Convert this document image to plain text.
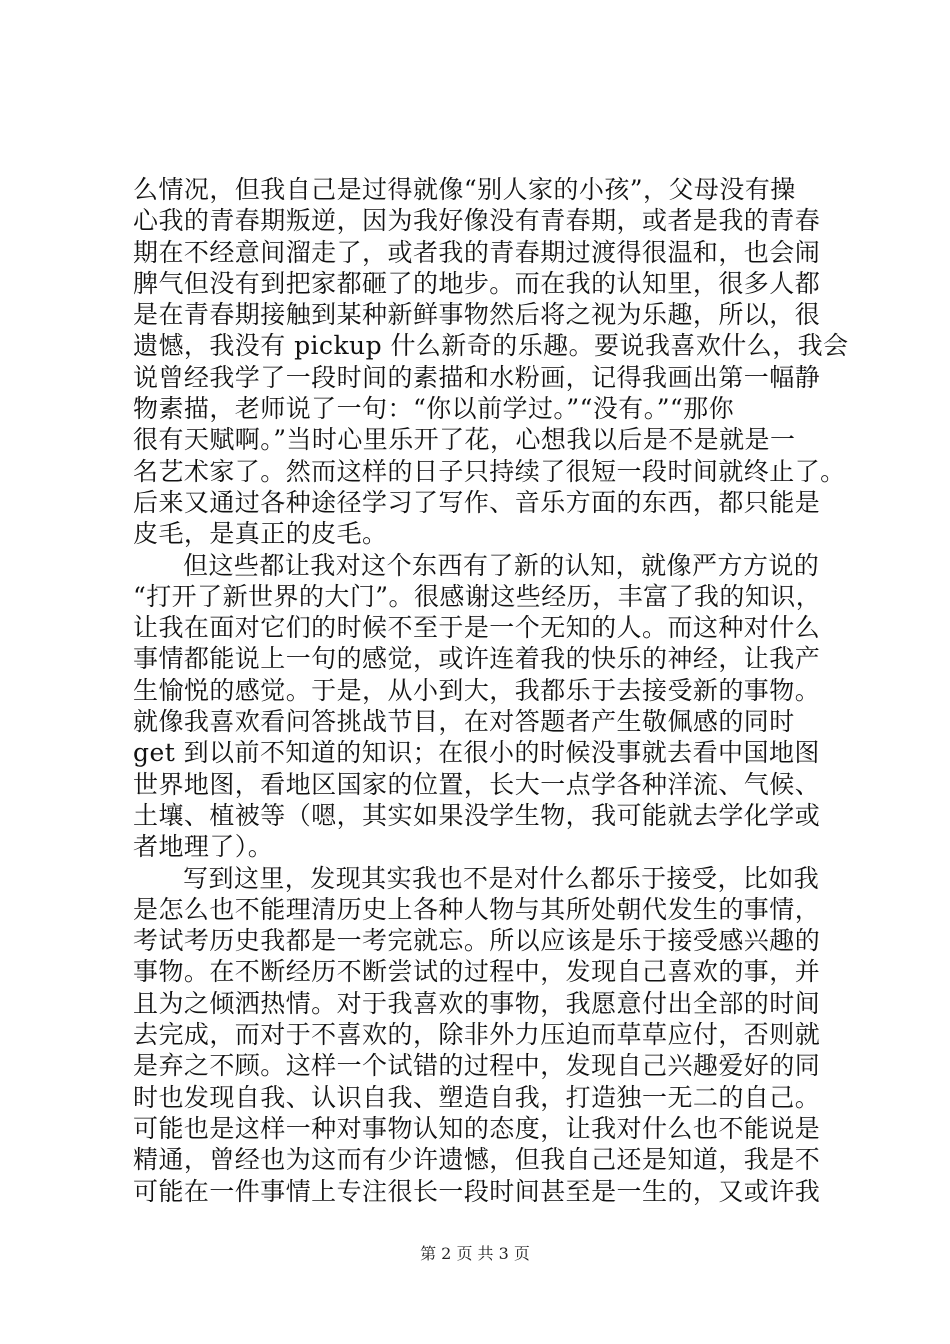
么情况，但我自己是过得就像“别人家的小孩”，父母没有操
心我的青春期叛逆，因为我好像没有青春期，或者是我的青春
期在不经意间溜走了，或者我的青春期过渡得很温和，也会闹
脾气但没有到把家都砸了的地步。而在我的认知里，很多人都
是在青春期接触到某种新鲜事物然后将之视为乐趣，所以，很
遗憾，我没有 pickup 什么新奇的乐趣。要说我喜欢什么，我会
说曾经我学了一段时间的素描和水粉画，记得我画出第一幅静
物素描，老师说了一句：“你以前学过。”“没有。”“那你
很有天赋啊。”当时心里乐开了花，心想我以后是不是就是一
名艺术家了。然而这样的日子只持续了很短一段时间就终止了。
后来又通过各种途径学习了写作、音乐方面的东西，都只能是
皮毛，是真正的皮毛。
但这些都让我对这个东西有了新的认知，就像严方方说的
“打开了新世界的大门”。很感谢这些经历，丰富了我的知识，
让我在面对它们的时候不至于是一个无知的人。而这种对什么
事情都能说上一句的感觉，或许连着我的快乐的神经，让我产
生愉悦的感觉。于是，从小到大，我都乐于去接受新的事物。
就像我喜欢看问答挑战节目，在对答题者产生敬佩感的同时
get 到以前不知道的知识；在很小的时候没事就去看中国地图
世界地图，看地区国家的位置，长大一点学各种洋流、气候、
土壤、植被等（嗯，其实如果没学生物，我可能就去学化学或
者地理了）。
写到这里，发现其实我也不是对什么都乐于接受，比如我
是怎么也不能理清历史上各种人物与其所处朝代发生的事情，
考试考历史我都是一考完就忘。所以应该是乐于接受感兴趣的
事物。在不断经历不断尝试的过程中，发现自己喜欢的事，并
且为之倾洒热情。对于我喜欢的事物，我愿意付出全部的时间
去完成，而对于不喜欢的，除非外力压迫而草草应付，否则就
是弃之不顾。这样一个试错的过程中，发现自己兴趣爱好的同
时也发现自我、认识自我、塑造自我，打造独一无二的自己。
可能也是这样一种对事物认知的态度，让我对什么也不能说是
精通，曾经也为这而有少许遗憾，但我自己还是知道，我是不
可能在一件事情上专注很长一段时间甚至是一生的，又或许我
第 2 页 共 3 页
